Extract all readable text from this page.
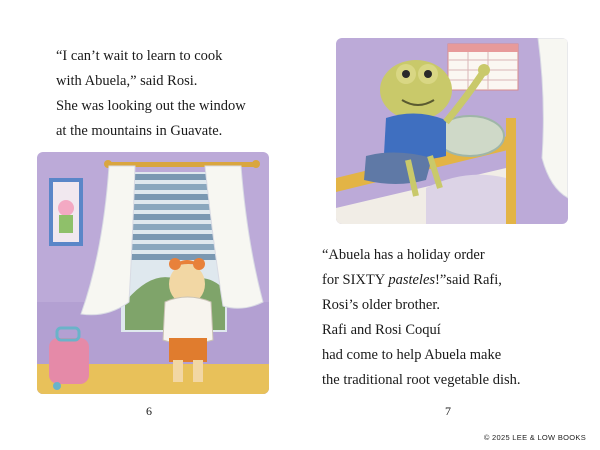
“I can’t wait to learn to cook

with Abuela,” said Rosi.

She was looking out the window

at the mountains in Guavate.

6

“Abuela has a holiday order

for SIXTY pasteles!”said Rafi,

Rosi’s older brother.

Rafi and Rosi Coquí

had come to help Abuela make

the traditional root vegetable dish.

7
© 2025 LEE & LOW BOOKS
